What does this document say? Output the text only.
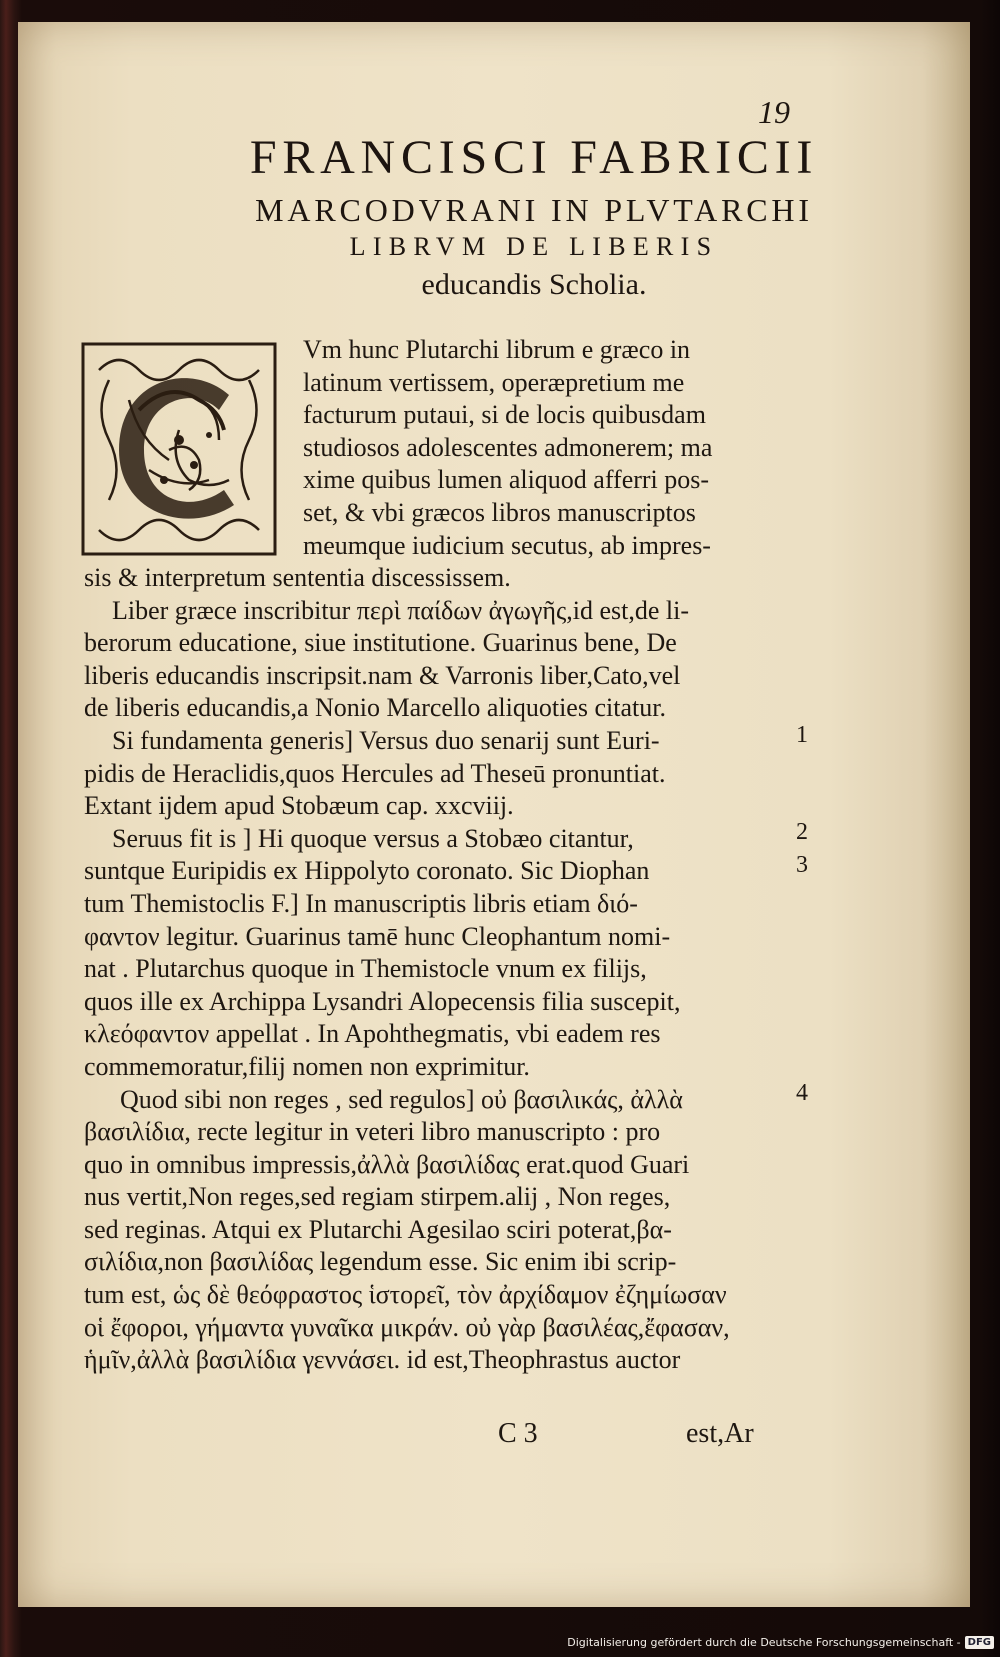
19
FRANCISCI FABRICII
MARCODVRANI IN PLVTARCHI
LIBRVM DE LIBERIS
educandis Scholia.
Vm hunc Plutarchi librum e græco in
latinum vertissem, operæpretium me
facturum putaui, si de locis quibusdam
studiosos adolescentes admonerem; ma
xime quibus lumen aliquod afferri pos-
set, & vbi græcos libros manuscriptos
meumque iudicium secutus, ab impres-
sis & interpretum sententia discessissem.
Liber græce inscribitur περὶ παίδων ἀγωγῆς,id est,de li-
berorum educatione, siue institutione. Guarinus bene, De
liberis educandis inscripsit.nam & Varronis liber,Cato,vel
de liberis educandis,a Nonio Marcello aliquoties citatur.
Si fundamenta generis] Versus duo senarij sunt Euri-
pidis de Heraclidis,quos Hercules ad Theseū pronuntiat.
Extant ijdem apud Stobæum cap. xxcviij.
Seruus fit is ] Hi quoque versus a Stobæo citantur,
suntque Euripidis ex Hippolyto coronato. Sic Diophan
tum Themistoclis F.] In manuscriptis libris etiam διό-
φαντον legitur. Guarinus tamē hunc Cleophantum nomi-
nat . Plutarchus quoque in Themistocle vnum ex filijs,
quos ille ex Archippa Lysandri Alopecensis filia suscepit,
κλεόφαντον appellat . In Apohthegmatis, vbi eadem res
commemoratur,filij nomen non exprimitur.
Quod sibi non reges , sed regulos] οὐ βασιλικάς, ἀλλὰ
βασιλίδια, recte legitur in veteri libro manuscripto : pro
quo in omnibus impressis,ἀλλὰ βασιλίδας erat.quod Guari
nus vertit,Non reges,sed regiam stirpem.alij , Non reges,
sed reginas. Atqui ex Plutarchi Agesilao sciri poterat,βα-
σιλίδια,non βασιλίδας legendum esse. Sic enim ibi scrip-
tum est, ὡς δὲ θεόφραστος ἱστορεῖ, τὸν ἀρχίδαμον ἐζημίωσαν
οἱ ἔφοροι, γήμαντα γυναῖκα μικράν. οὐ γὰρ βασιλέας,ἔφασαν,
ἡμῖν,ἀλλὰ βασιλίδια γεννάσει. id est,Theophrastus auctor
1
2
3
4
C 3	est,Ar
Digitalisierung gefördert durch die Deutsche Forschungsgemeinschaft - DFG
